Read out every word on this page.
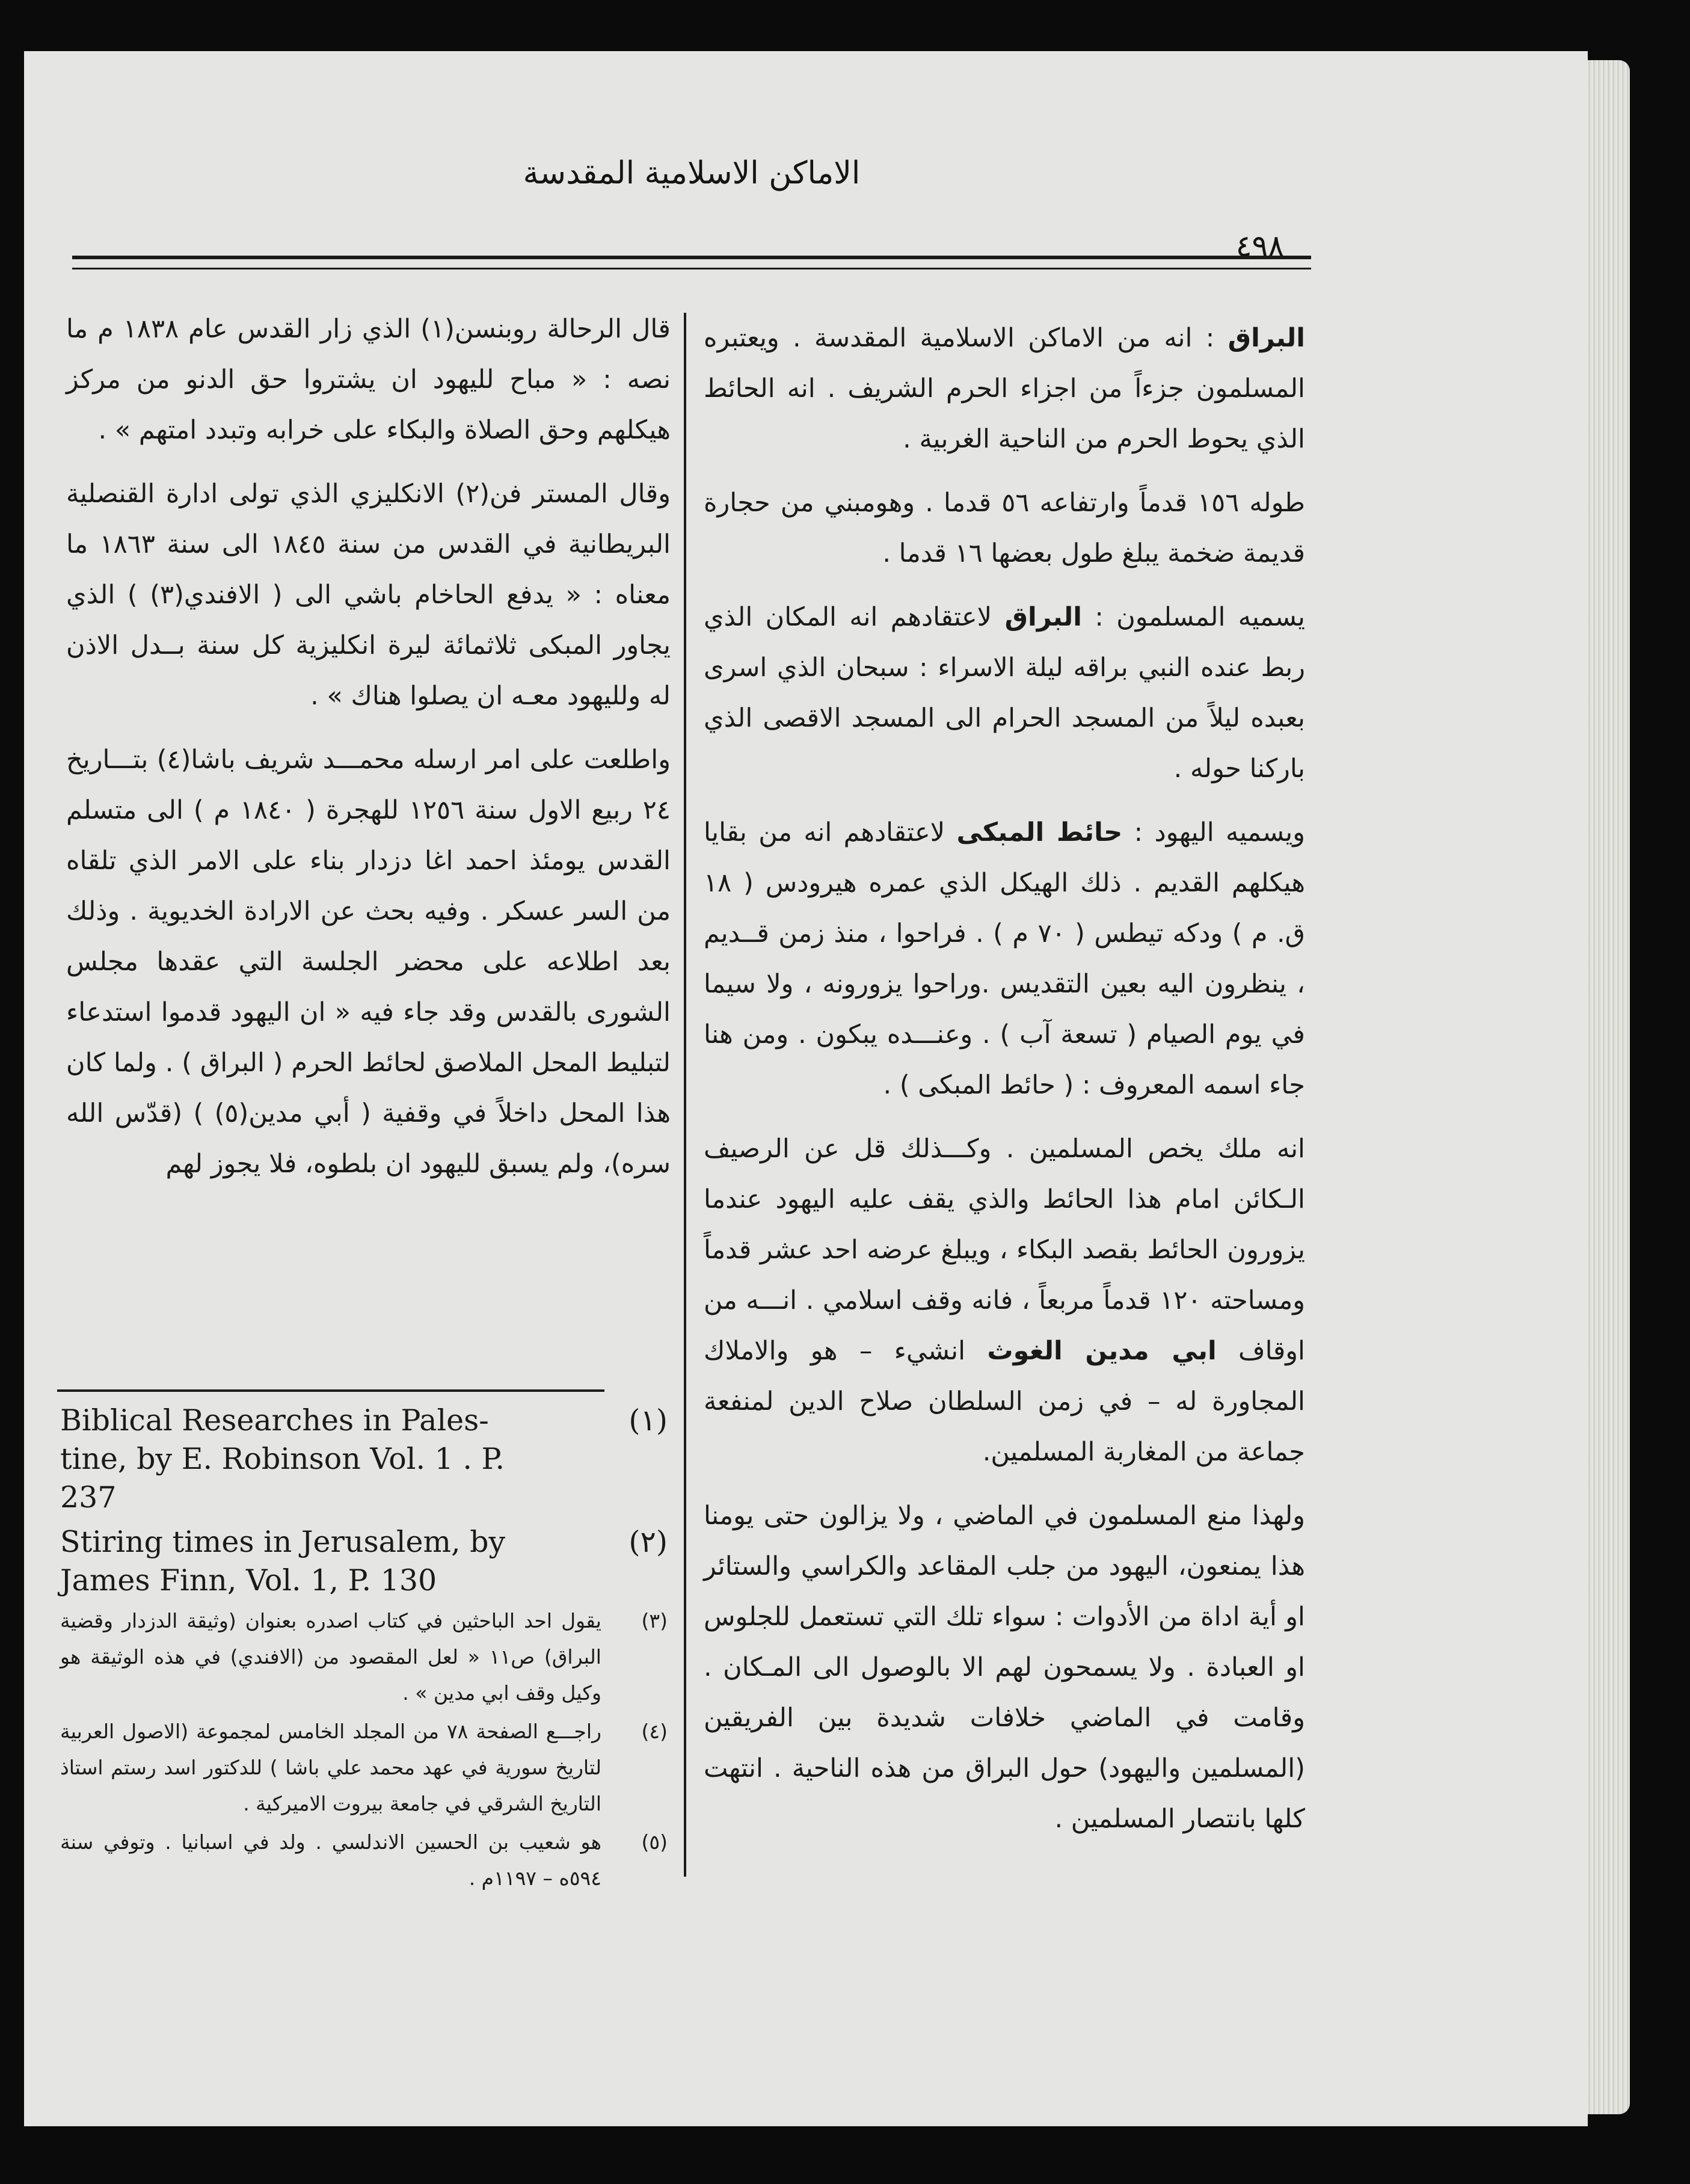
الاماكن الاسلامية المقدسة
٤٩٨

البراق : انه من الاماكن الاسلامية المقدسة . ويعتبره المسلمون جزءاً من اجزاء الحرم الشريف . انه الحائط الذي يحوط الحرم من الناحية الغربية .

طوله ١٥٦ قدماً وارتفاعه ٥٦ قدما . وهومبني من حجارة قديمة ضخمة يبلغ طول بعضها ١٦ قدما .

يسميه المسلمون : البراق لاعتقادهم انه المكان الذي ربط عنده النبي براقه ليلة الاسراء : سبحان الذي اسرى بعبده ليلاً من المسجد الحرام الى المسجد الاقصى الذي باركنا حوله .

ويسميه اليهود : حائط المبكى لاعتقادهم انه من بقايا هيكلهم القديم . ذلك الهيكل الذي عمره هيرودس ( ١٨ ق. م ) ودكه تيطس ( ٧٠ م ) . فراحوا ، منذ زمن قــديم ، ينظرون اليه بعين التقديس .وراحوا يزورونه ، ولا سيما في يوم الصيام ( تسعة آب ) . وعنـــده يبكون . ومن هنا جاء اسمه المعروف : ( حائط المبكى ) .

انه ملك يخص المسلمين . وكـــذلك قل عن الرصيف الـكائن امام هذا الحائط والذي يقف عليه اليهود عندما يزورون الحائط بقصد البكاء ، ويبلغ عرضه احد عشر قدماً ومساحته ١٢٠ قدماً مربعاً ، فانه وقف اسلامي . انـــه من اوقاف ابي مدين الغوث انشيء – هو والاملاك المجاورة له – في زمن السلطان صلاح الدين لمنفعة جماعة من المغاربة المسلمين.

ولهذا منع المسلمون في الماضي ، ولا يزالون حتى يومنا هذا يمنعون، اليهود من جلب المقاعد والكراسي والستائر او أية اداة من الأدوات : سواء تلك التي تستعمل للجلوس او العبادة . ولا يسمحون لهم الا بالوصول الى المـكان . وقامت في الماضي خلافات شديدة بين الفريقين (المسلمين واليهود) حول البراق من هذه الناحية . انتهت كلها بانتصار المسلمين .

قال الرحالة روبنسن(١) الذي زار القدس عام ١٨٣٨ م ما نصه : « مباح لليهود ان يشتروا حق الدنو من مركز هيكلهم وحق الصلاة والبكاء على خرابه وتبدد امتهم » .

وقال المستر فن(٢) الانكليزي الذي تولى ادارة القنصلية البريطانية في القدس من سنة ١٨٤٥ الى سنة ١٨٦٣ ما معناه : « يدفع الحاخام باشي الى ( الافندي(٣) ) الذي يجاور المبكى ثلاثمائة ليرة انكليزية كل سنة بــدل الاذن له ولليهود معـه ان يصلوا هناك » .

واطلعت على امر ارسله محمـــد شريف باشا(٤) بتـــاريخ ٢٤ ربيع الاول سنة ١٢٥٦ للهجرة ( ١٨٤٠ م ) الى متسلم القدس يومئذ احمد اغا دزدار بناء على الامر الذي تلقاه من السر عسكر . وفيه بحث عن الارادة الخديوية . وذلك بعد اطلاعه على محضر الجلسة التي عقدها مجلس الشورى بالقدس وقد جاء فيه « ان اليهود قدموا استدعاء لتبليط المحل الملاصق لحائط الحرم ( البراق ) . ولما كان هذا المحل داخلاً في وقفية ( أبي مدين(٥) ) (قدّس الله سره)، ولم يسبق لليهود ان بلطوه، فلا يجوز لهم

(١)
Biblical Researches in Pales- tine, by E. Robinson Vol. 1 . P. 237
(٢)
Stiring times in Jerusalem, by James Finn, Vol. 1, P. 130
(٣)
يقول احد الباحثين في كتاب اصدره بعنوان (وثيقة الدزدار وقضية البراق) ص١١ « لعل المقصود من (الافندي) في هذه الوثيقة هو وكيل وقف ابي مدين » .
(٤)
راجـــع الصفحة ٧٨ من المجلد الخامس لمجموعة (الاصول العربية لتاريخ سورية في عهد محمد علي باشا ) للدكتور اسد رستم استاذ التاريخ الشرقي في جامعة بيروت الاميركية .
(٥)
هو شعيب بن الحسين الاندلسي . ولد في اسبانيا . وتوفي سنة ٥٩٤ه – ١١٩٧م .
